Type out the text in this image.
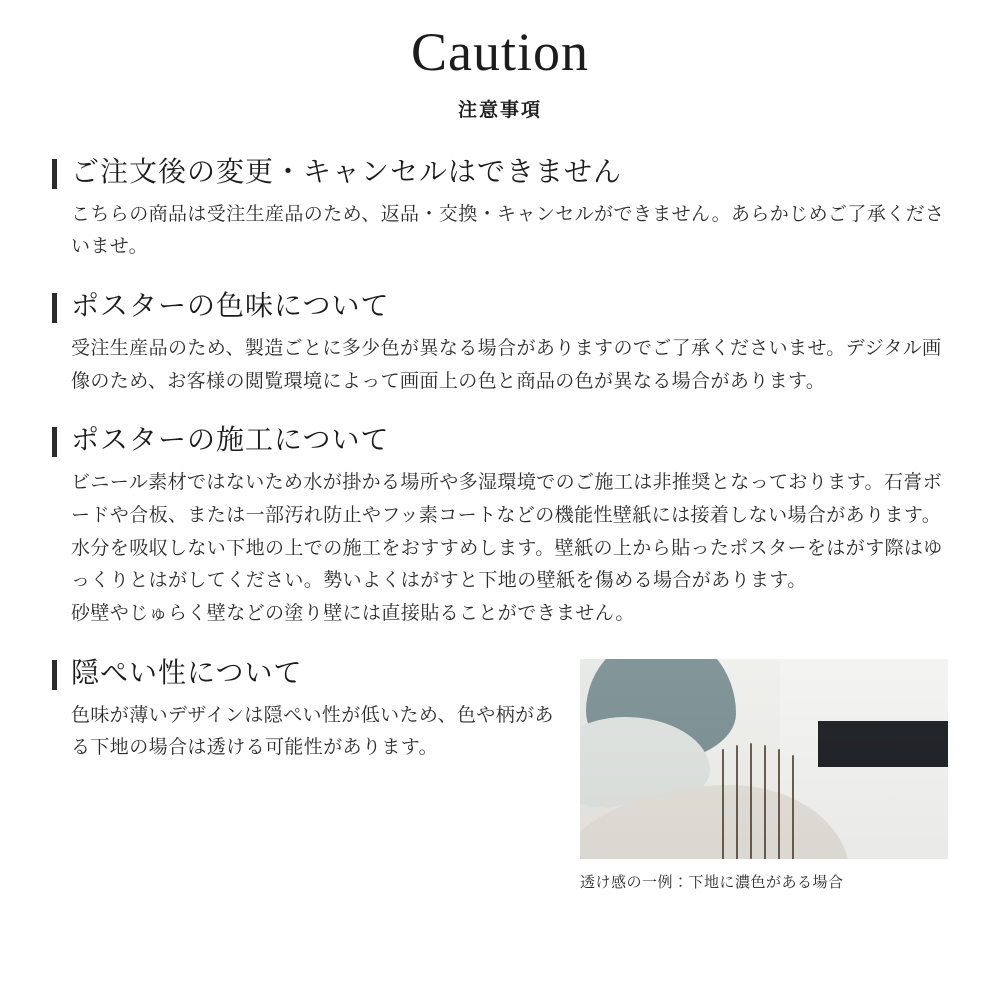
Caution
注意事項
ご注文後の変更・キャンセルはできません

こちらの商品は受注生産品のため、返品・交換・キャンセルができません。あらかじめご了承くださいませ。

ポスターの色味について

受注生産品のため、製造ごとに多少色が異なる場合がありますのでご了承くださいませ。デジタル画像のため、お客様の閲覧環境によって画面上の色と商品の色が異なる場合があります。

ポスターの施工について

ビニール素材ではないため水が掛かる場所や多湿環境でのご施工は非推奨となっております。石膏ボードや合板、または一部汚れ防止やフッ素コートなどの機能性壁紙には接着しない場合があります。水分を吸収しない下地の上での施工をおすすめします。壁紙の上から貼ったポスターをはがす際はゆっくりとはがしてください。勢いよくはがすと下地の壁紙を傷める場合があります。

砂壁やじゅらく壁などの塗り壁には直接貼ることができません。

隠ぺい性について

色味が薄いデザインは隠ぺい性が低いため、色や柄がある下地の場合は透ける可能性があります。

透け感の一例：下地に濃色がある場合
